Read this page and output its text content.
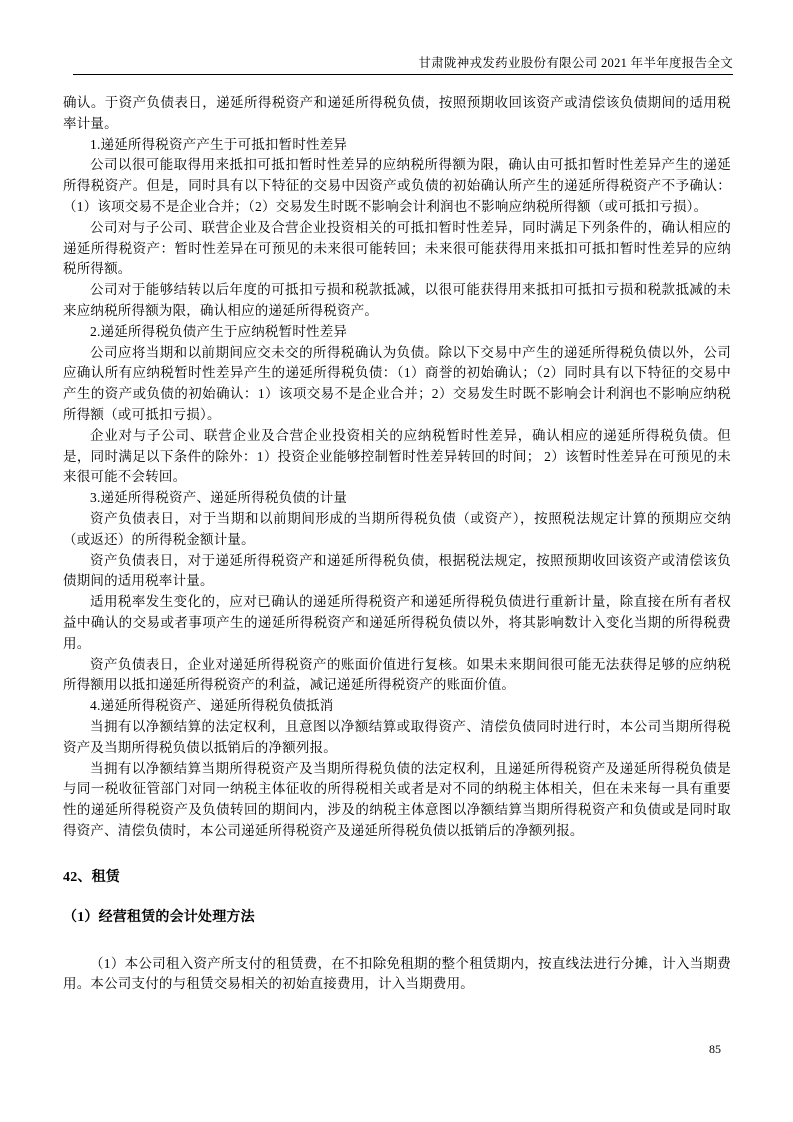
甘肃陇神戎发药业股份有限公司 2021 年半年度报告全文

确认。于资产负债表日，递延所得税资产和递延所得税负债，按照预期收回该资产或清偿该负债期间的适用税率计量。

1.递延所得税资产产生于可抵扣暂时性差异

公司以很可能取得用来抵扣可抵扣暂时性差异的应纳税所得额为限，确认由可抵扣暂时性差异产生的递延所得税资产。但是，同时具有以下特征的交易中因资产或负债的初始确认所产生的递延所得税资产不予确认：（1）该项交易不是企业合并；（2）交易发生时既不影响会计利润也不影响应纳税所得额（或可抵扣亏损）。

公司对与子公司、联营企业及合营企业投资相关的可抵扣暂时性差异，同时满足下列条件的，确认相应的递延所得税资产：暂时性差异在可预见的未来很可能转回；未来很可能获得用来抵扣可抵扣暂时性差异的应纳税所得额。

公司对于能够结转以后年度的可抵扣亏损和税款抵减，以很可能获得用来抵扣可抵扣亏损和税款抵减的未来应纳税所得额为限，确认相应的递延所得税资产。

2.递延所得税负债产生于应纳税暂时性差异

公司应将当期和以前期间应交未交的所得税确认为负债。除以下交易中产生的递延所得税负债以外，公司应确认所有应纳税暂时性差异产生的递延所得税负债：（1）商誉的初始确认；（2）同时具有以下特征的交易中产生的资产或负债的初始确认：1）该项交易不是企业合并；2）交易发生时既不影响会计利润也不影响应纳税所得额（或可抵扣亏损）。

企业对与子公司、联营企业及合营企业投资相关的应纳税暂时性差异，确认相应的递延所得税负债。但是，同时满足以下条件的除外：1）投资企业能够控制暂时性差异转回的时间； 2）该暂时性差异在可预见的未来很可能不会转回。

3.递延所得税资产、递延所得税负债的计量

资产负债表日，对于当期和以前期间形成的当期所得税负债（或资产），按照税法规定计算的预期应交纳（或返还）的所得税金额计量。

资产负债表日，对于递延所得税资产和递延所得税负债，根据税法规定，按照预期收回该资产或清偿该负债期间的适用税率计量。

适用税率发生变化的，应对已确认的递延所得税资产和递延所得税负债进行重新计量，除直接在所有者权益中确认的交易或者事项产生的递延所得税资产和递延所得税负债以外，将其影响数计入变化当期的所得税费用。

资产负债表日，企业对递延所得税资产的账面价值进行复核。如果未来期间很可能无法获得足够的应纳税所得额用以抵扣递延所得税资产的利益，减记递延所得税资产的账面价值。

4.递延所得税资产、递延所得税负债抵消

当拥有以净额结算的法定权利，且意图以净额结算或取得资产、清偿负债同时进行时，本公司当期所得税资产及当期所得税负债以抵销后的净额列报。

当拥有以净额结算当期所得税资产及当期所得税负债的法定权利，且递延所得税资产及递延所得税负债是与同一税收征管部门对同一纳税主体征收的所得税相关或者是对不同的纳税主体相关，但在未来每一具有重要性的递延所得税资产及负债转回的期间内，涉及的纳税主体意图以净额结算当期所得税资产和负债或是同时取得资产、清偿负债时，本公司递延所得税资产及递延所得税负债以抵销后的净额列报。

42、租赁

（1）经营租赁的会计处理方法

（1）本公司租入资产所支付的租赁费，在不扣除免租期的整个租赁期内，按直线法进行分摊，计入当期费用。本公司支付的与租赁交易相关的初始直接费用，计入当期费用。

85
